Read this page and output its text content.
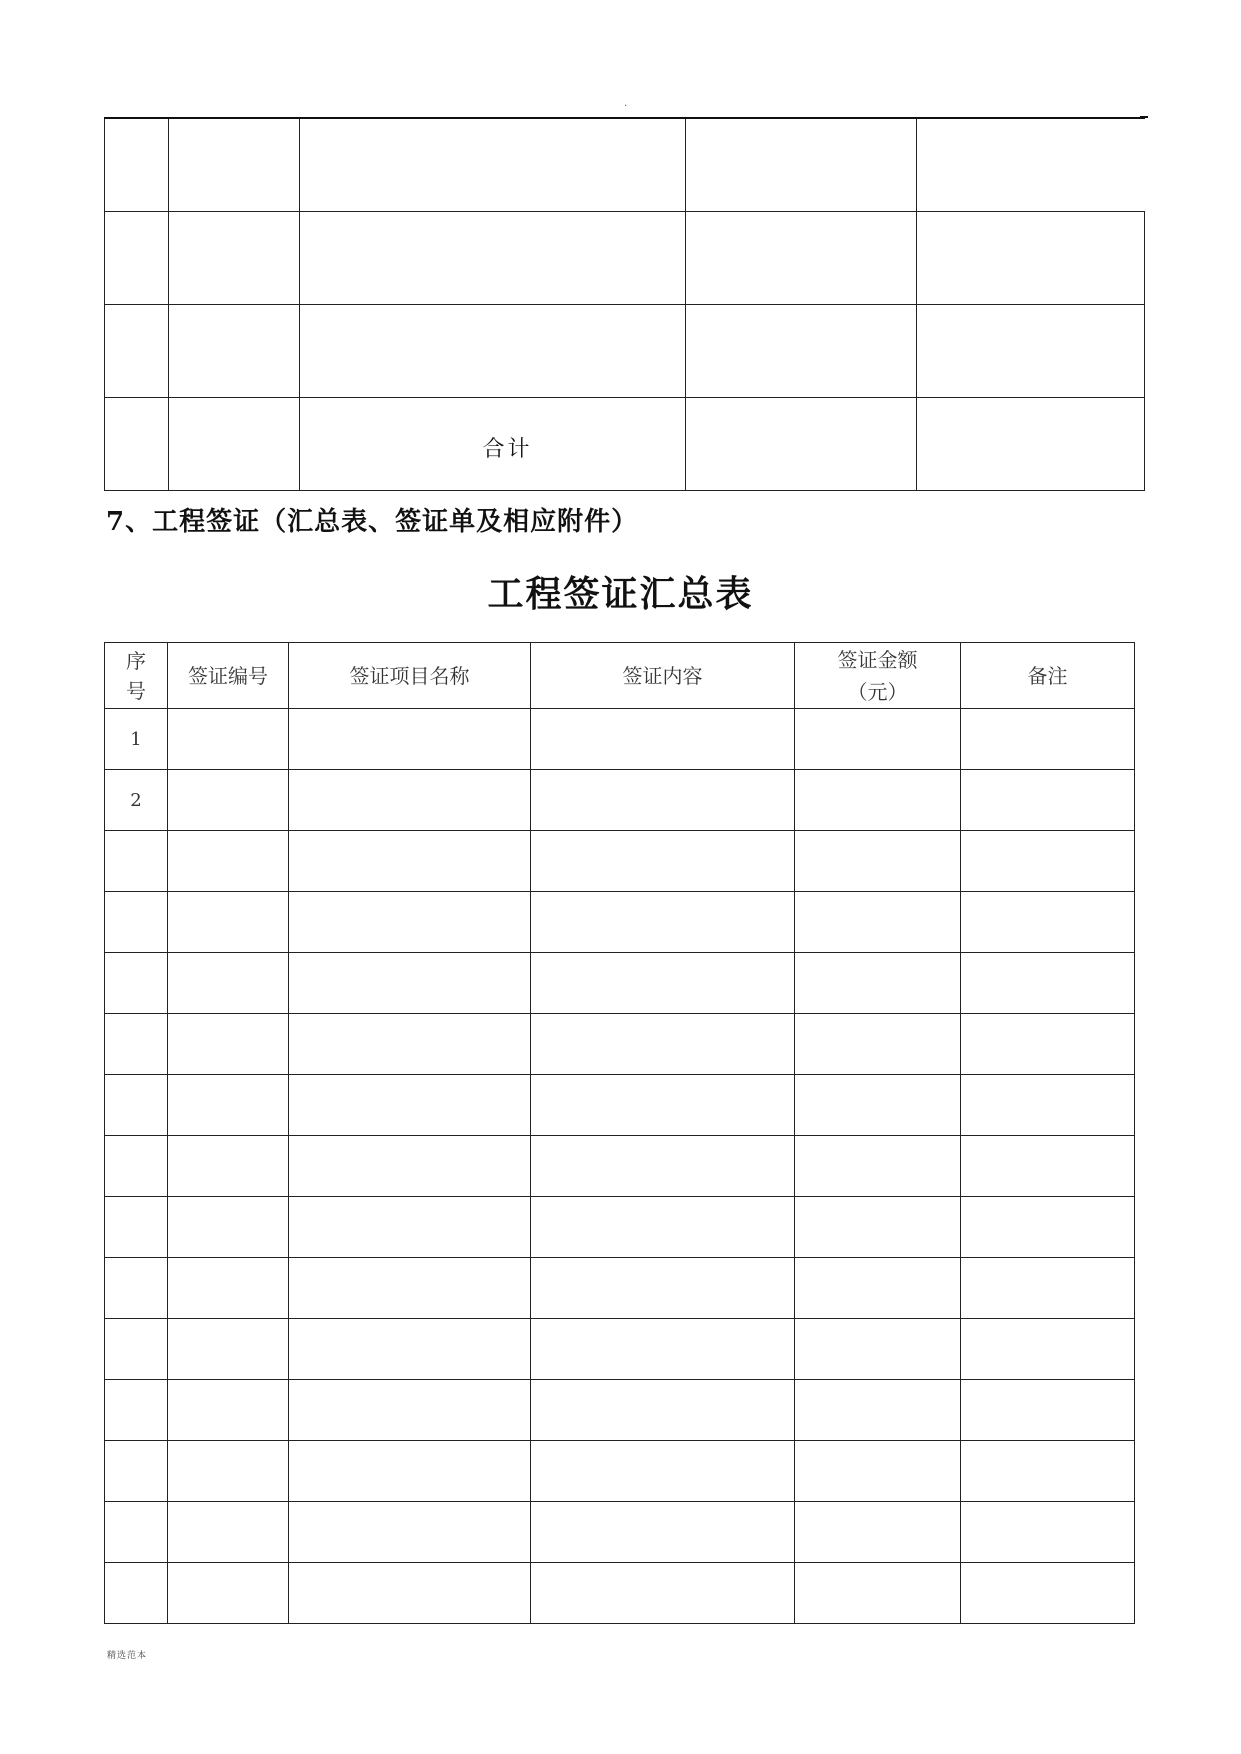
.

		合计		
7、工程签证（汇总表、签证单及相应附件）
工程签证汇总表
序号	签证编号	签证项目名称	签证内容	签证金额（元）	备注
1					
2					

精选范本
